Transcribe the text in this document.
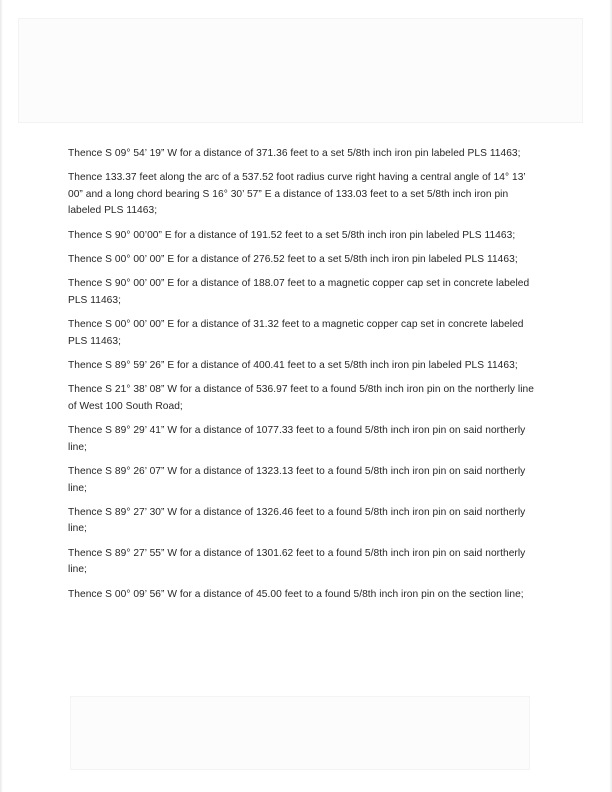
Thence S 09° 54’ 19” W for a distance of 371.36 feet to a set 5/8th inch iron pin labeled PLS 11463;

Thence 133.37 feet along the arc of a 537.52 foot radius curve right having a central angle of 14° 13’ 00” and a long chord bearing S 16° 30’ 57” E a distance of 133.03 feet to a set 5/8th inch iron pin labeled PLS 11463;

Thence S 90° 00’00” E for a distance of 191.52 feet to a set 5/8th inch iron pin labeled PLS 11463;

Thence S 00° 00’ 00” E for a distance of 276.52 feet to a set 5/8th inch iron pin labeled PLS 11463;

Thence S 90° 00’ 00” E for a distance of 188.07 feet to a magnetic copper cap set in concrete labeled PLS 11463;

Thence S 00° 00’ 00” E for a distance of 31.32 feet to a magnetic copper cap set in concrete labeled PLS 11463;

Thence S 89° 59’ 26” E for a distance of 400.41 feet to a set 5/8th inch iron pin labeled PLS 11463;

Thence S 21° 38’ 08” W for a distance of 536.97 feet to a found 5/8th inch iron pin on the northerly line of West 100 South Road;

Thence S 89° 29’ 41” W for a distance of 1077.33 feet to a found 5/8th inch iron pin on said northerly line;

Thence S 89° 26’ 07” W for a distance of 1323.13 feet to a found 5/8th inch iron pin on said northerly line;

Thence S 89° 27’ 30” W for a distance of 1326.46 feet to a found 5/8th inch iron pin on said northerly line;

Thence S 89° 27’ 55” W for a distance of 1301.62 feet to a found 5/8th inch iron pin on said northerly line;

Thence S 00° 09’ 56” W for a distance of 45.00 feet to a found 5/8th inch iron pin on the section line;
